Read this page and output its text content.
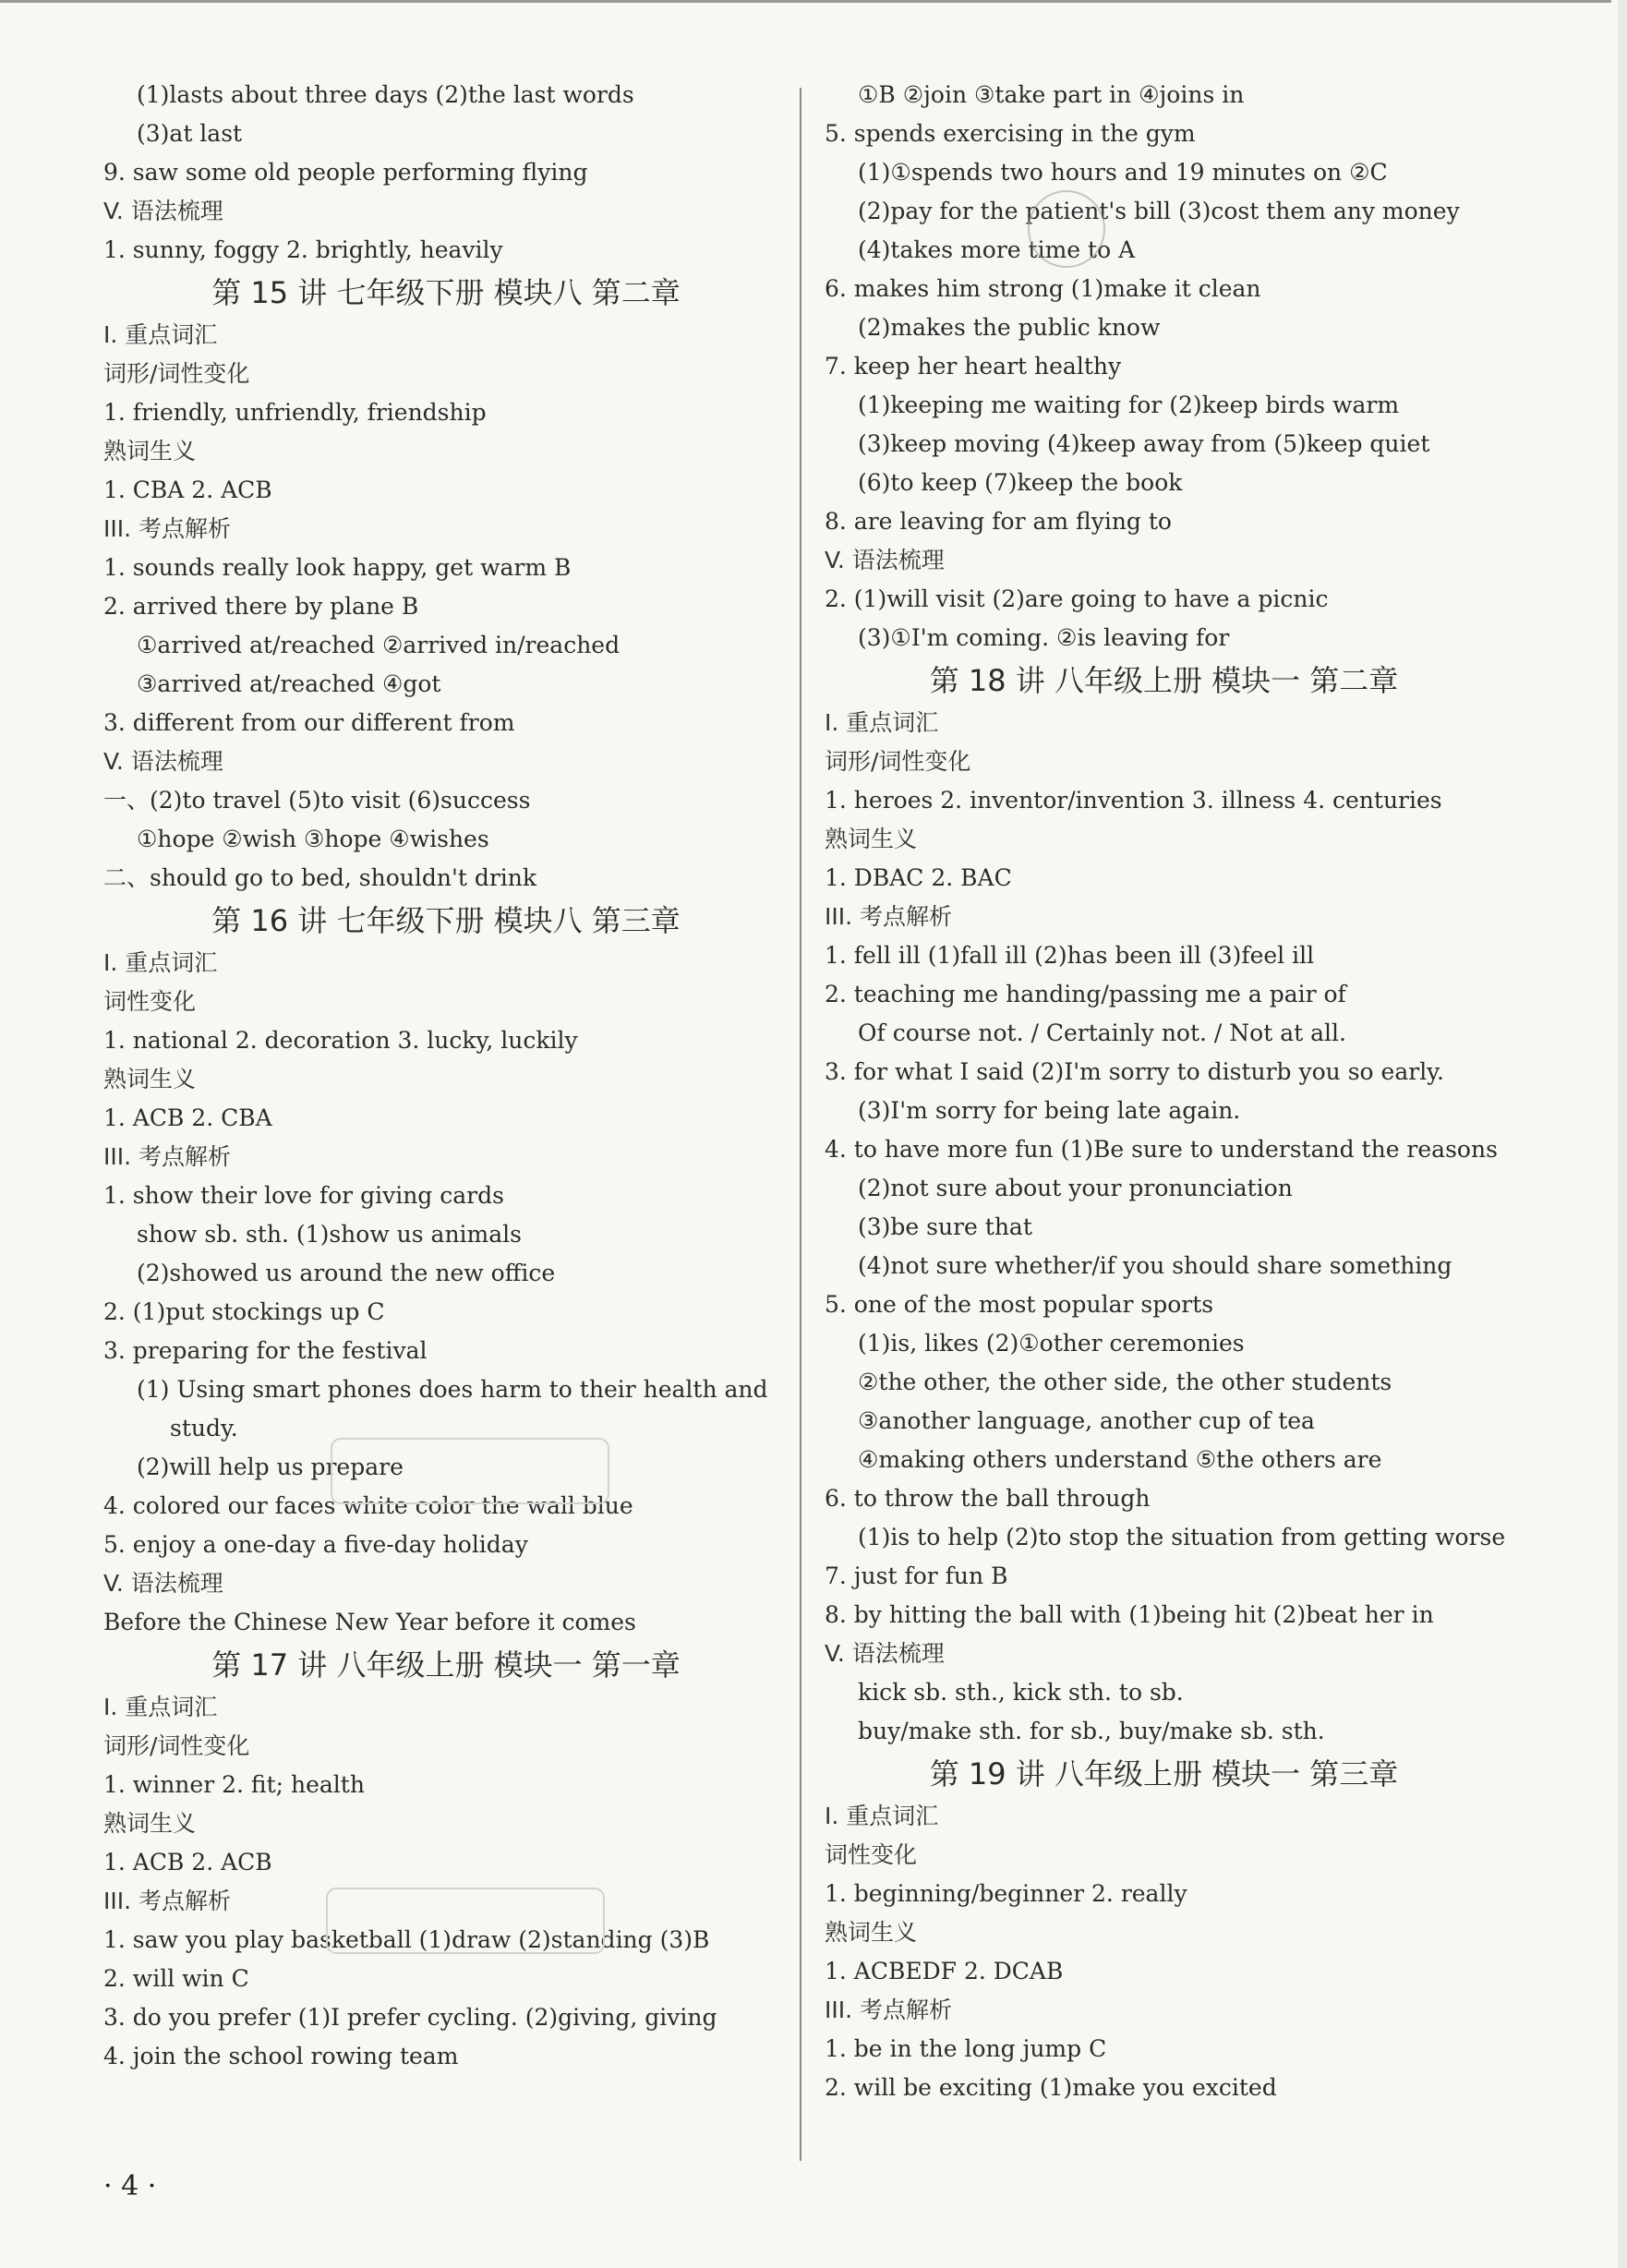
(1)lasts about three days (2)the last words
(3)at last
9. saw some old people performing flying
V. 语法梳理
1. sunny, foggy 2. brightly, heavily
第 15 讲 七年级下册 模块八 第二章
I. 重点词汇
词形/词性变化
1. friendly, unfriendly, friendship
熟词生义
1. CBA 2. ACB
III. 考点解析
1. sounds really look happy, get warm B
2. arrived there by plane B
①arrived at/reached ②arrived in/reached
③arrived at/reached ④got
3. different from our different from
V. 语法梳理
一、(2)to travel (5)to visit (6)success
①hope ②wish ③hope ④wishes
二、should go to bed, shouldn't drink
第 16 讲 七年级下册 模块八 第三章
I. 重点词汇
词性变化
1. national 2. decoration 3. lucky, luckily
熟词生义
1. ACB 2. CBA
III. 考点解析
1. show their love for giving cards
show sb. sth. (1)show us animals
(2)showed us around the new office
2. (1)put stockings up C
3. preparing for the festival
(1) Using smart phones does harm to their health and
study.
(2)will help us prepare
4. colored our faces white color the wall blue
5. enjoy a one-day a five-day holiday
V. 语法梳理
Before the Chinese New Year before it comes
第 17 讲 八年级上册 模块一 第一章
I. 重点词汇
词形/词性变化
1. winner 2. fit; health
熟词生义
1. ACB 2. ACB
III. 考点解析
1. saw you play basketball (1)draw (2)standing (3)B
2. will win C
3. do you prefer (1)I prefer cycling. (2)giving, giving
4. join the school rowing team
①B ②join ③take part in ④joins in
5. spends exercising in the gym
(1)①spends two hours and 19 minutes on ②C
(2)pay for the patient's bill (3)cost them any money
(4)takes more time to A
6. makes him strong (1)make it clean
(2)makes the public know
7. keep her heart healthy
(1)keeping me waiting for (2)keep birds warm
(3)keep moving (4)keep away from (5)keep quiet
(6)to keep (7)keep the book
8. are leaving for am flying to
V. 语法梳理
2. (1)will visit (2)are going to have a picnic
(3)①I'm coming. ②is leaving for
第 18 讲 八年级上册 模块一 第二章
I. 重点词汇
词形/词性变化
1. heroes 2. inventor/invention 3. illness 4. centuries
熟词生义
1. DBAC 2. BAC
III. 考点解析
1. fell ill (1)fall ill (2)has been ill (3)feel ill
2. teaching me handing/passing me a pair of
Of course not. / Certainly not. / Not at all.
3. for what I said (2)I'm sorry to disturb you so early.
(3)I'm sorry for being late again.
4. to have more fun (1)Be sure to understand the reasons
(2)not sure about your pronunciation
(3)be sure that
(4)not sure whether/if you should share something
5. one of the most popular sports
(1)is, likes (2)①other ceremonies
②the other, the other side, the other students
③another language, another cup of tea
④making others understand ⑤the others are
6. to throw the ball through
(1)is to help (2)to stop the situation from getting worse
7. just for fun B
8. by hitting the ball with (1)being hit (2)beat her in
V. 语法梳理
kick sb. sth., kick sth. to sb.
buy/make sth. for sb., buy/make sb. sth.
第 19 讲 八年级上册 模块一 第三章
I. 重点词汇
词性变化
1. beginning/beginner 2. really
熟词生义
1. ACBEDF 2. DCAB
III. 考点解析
1. be in the long jump C
2. will be exciting (1)make you excited
· 4 ·
